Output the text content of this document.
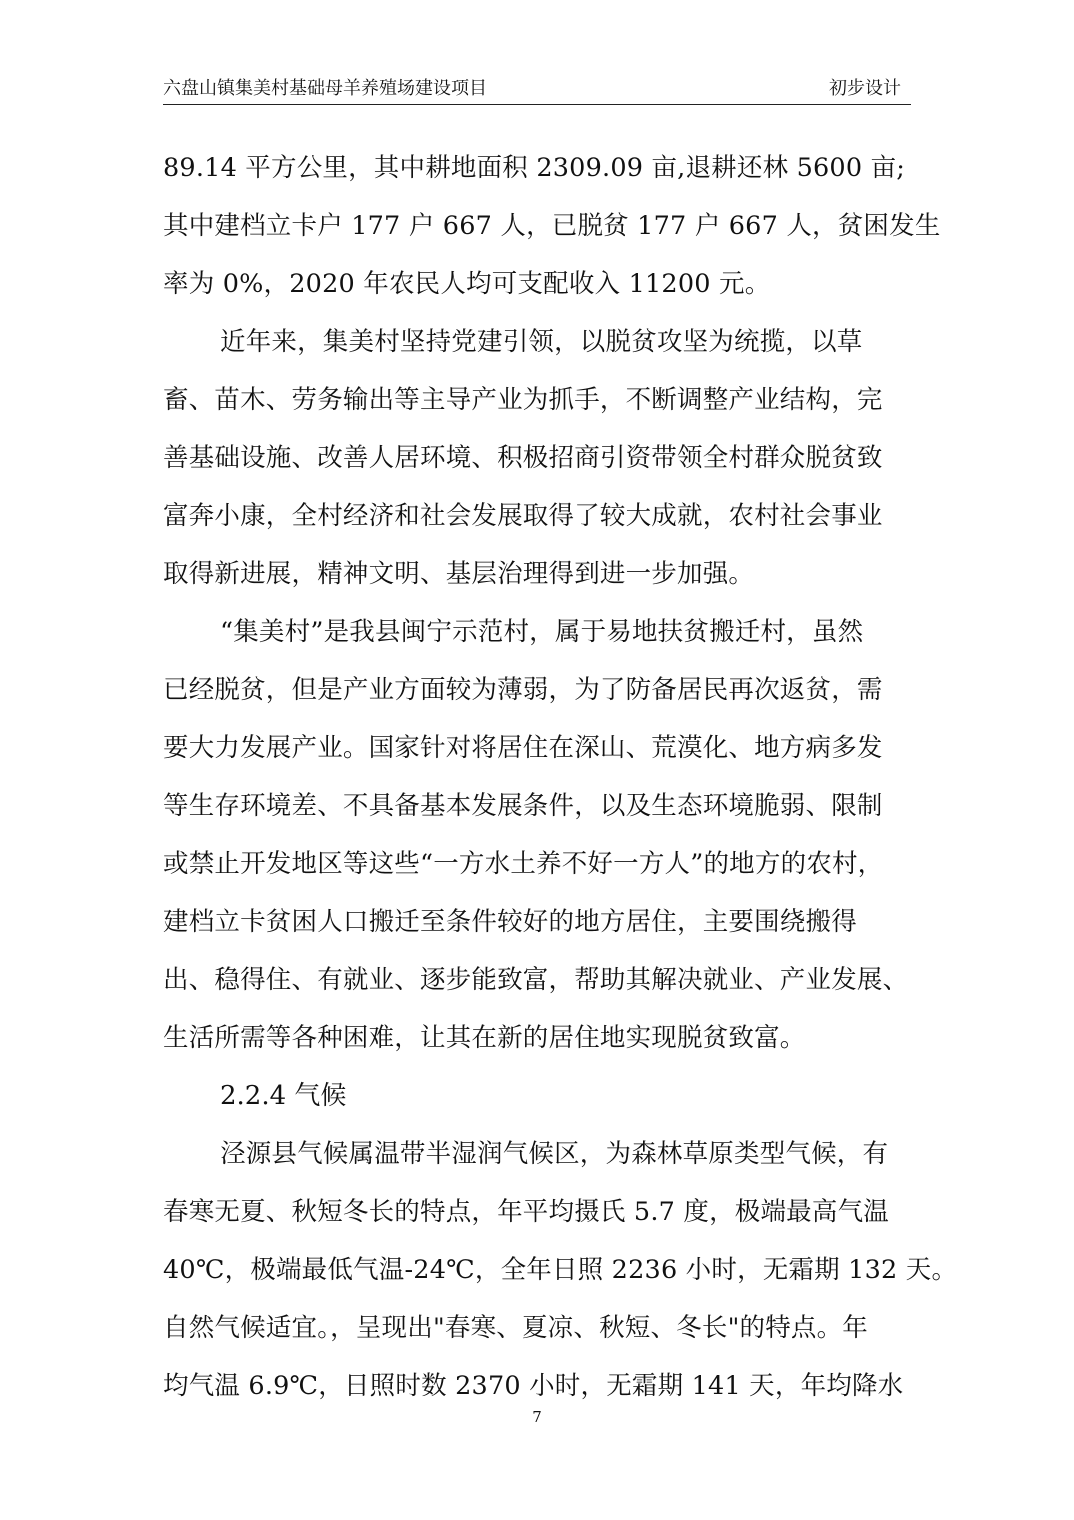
六盘山镇集美村基础母羊养殖场建设项目	初步设计
89.14 平方公里，其中耕地面积 2309.09 亩,退耕还林 5600 亩;
其中建档立卡户 177 户 667 人，已脱贫 177 户 667 人，贫困发生
率为 0%，2020 年农民人均可支配收入 11200 元。
近年来，集美村坚持党建引领，以脱贫攻坚为统揽，以草
畜、苗木、劳务输出等主导产业为抓手，不断调整产业结构，完
善基础设施、改善人居环境、积极招商引资带领全村群众脱贫致
富奔小康，全村经济和社会发展取得了较大成就，农村社会事业
取得新进展，精神文明、基层治理得到进一步加强。
“集美村”是我县闽宁示范村，属于易地扶贫搬迁村，虽然
已经脱贫，但是产业方面较为薄弱，为了防备居民再次返贫，需
要大力发展产业。国家针对将居住在深山、荒漠化、地方病多发
等生存环境差、不具备基本发展条件，以及生态环境脆弱、限制
或禁止开发地区等这些“一方水土养不好一方人”的地方的农村，
建档立卡贫困人口搬迁至条件较好的地方居住，主要围绕搬得
出、稳得住、有就业、逐步能致富，帮助其解决就业、产业发展、
生活所需等各种困难，让其在新的居住地实现脱贫致富。
2.2.4 气候
泾源县气候属温带半湿润气候区，为森林草原类型气候，有
春寒无夏、秋短冬长的特点，年平均摄氏 5.7 度，极端最高气温
40℃，极端最低气温-24℃，全年日照 2236 小时，无霜期 132 天。
自然气候适宜。，呈现出"春寒、夏凉、秋短、冬长"的特点。年
均气温 6.9℃，日照时数 2370 小时，无霜期 141 天，年均降水
7
